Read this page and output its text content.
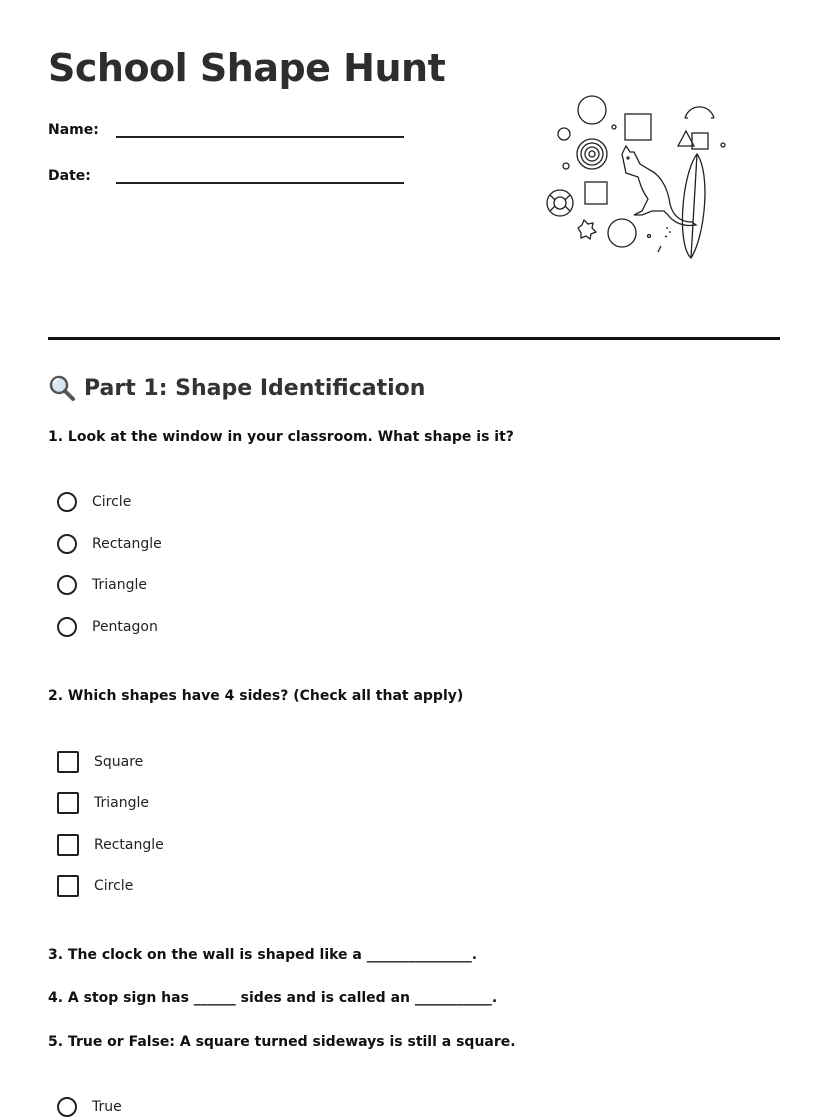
School Shape Hunt
Name:
Date:
Part 1: Shape Identification

1. Look at the window in your classroom. What shape is it?

Circle
Rectangle
Triangle
Pentagon

2. Which shapes have 4 sides? (Check all that apply)

Square
Triangle
Rectangle
Circle

3. The clock on the wall is shaped like a _______________.

4. A stop sign has ______ sides and is called an ___________.

5. True or False: A square turned sideways is still a square.

True
